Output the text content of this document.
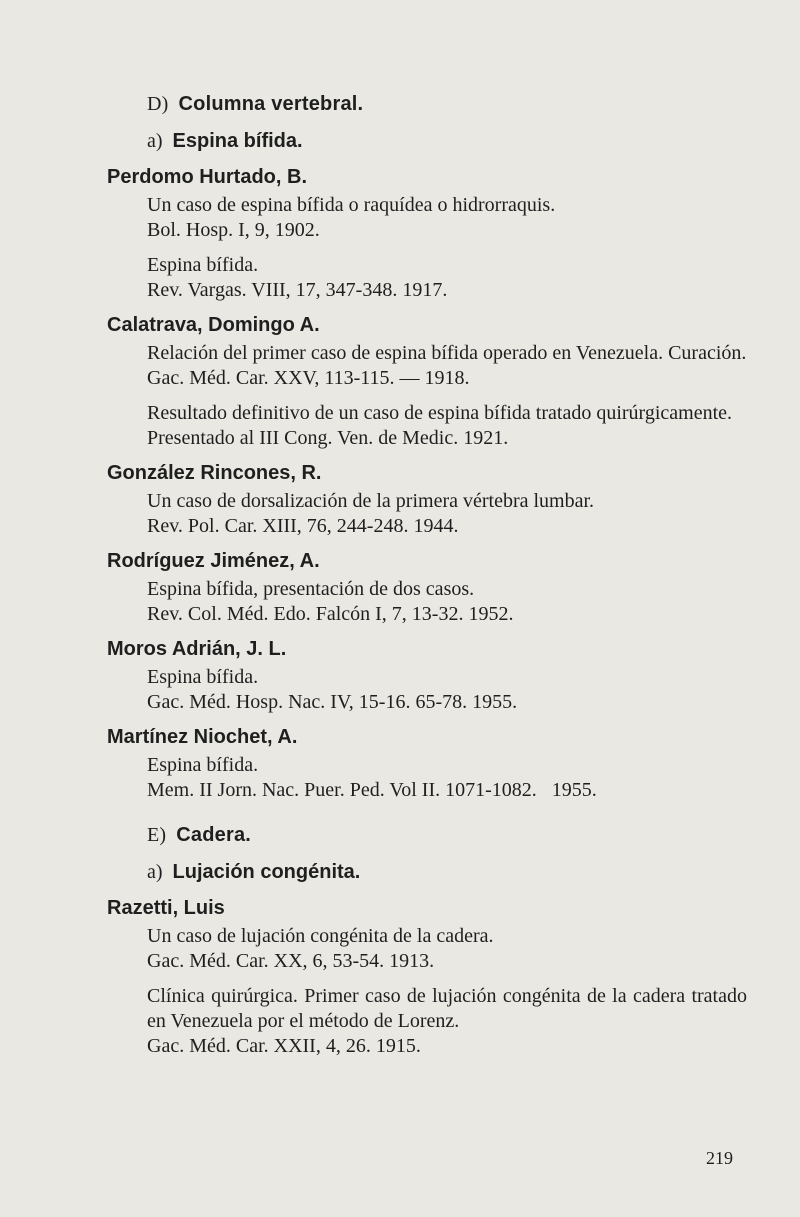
D) Columna vertebral.
a) Espina bífida.
Perdomo Hurtado, B.
Un caso de espina bífida o raquídea o hidrorraquis.
Bol. Hosp. I, 9, 1902.
Espina bífida.
Rev. Vargas. VIII, 17, 347-348. 1917.
Calatrava, Domingo A.
Relación del primer caso de espina bífida operado en Venezuela. Curación.
Gac. Méd. Car. XXV, 113-115. — 1918.
Resultado definitivo de un caso de espina bífida tratado quirúrgicamente.
Presentado al III Cong. Ven. de Medic. 1921.
González Rincones, R.
Un caso de dorsalización de la primera vértebra lumbar.
Rev. Pol. Car. XIII, 76, 244-248. 1944.
Rodríguez Jiménez, A.
Espina bífida, presentación de dos casos.
Rev. Col. Méd. Edo. Falcón I, 7, 13-32. 1952.
Moros Adrián, J. L.
Espina bífida.
Gac. Méd. Hosp. Nac. IV, 15-16. 65-78. 1955.
Martínez Niochet, A.
Espina bífida.
Mem. II Jorn. Nac. Puer. Ped. Vol II. 1071-1082.   1955.
E) Cadera.
a) Lujación congénita.
Razetti, Luis
Un caso de lujación congénita de la cadera.
Gac. Méd. Car. XX, 6, 53-54. 1913.
Clínica quirúrgica. Primer caso de lujación congénita de la cadera tratado en Venezuela por el método de Lorenz.
Gac. Méd. Car. XXII, 4, 26. 1915.
219
